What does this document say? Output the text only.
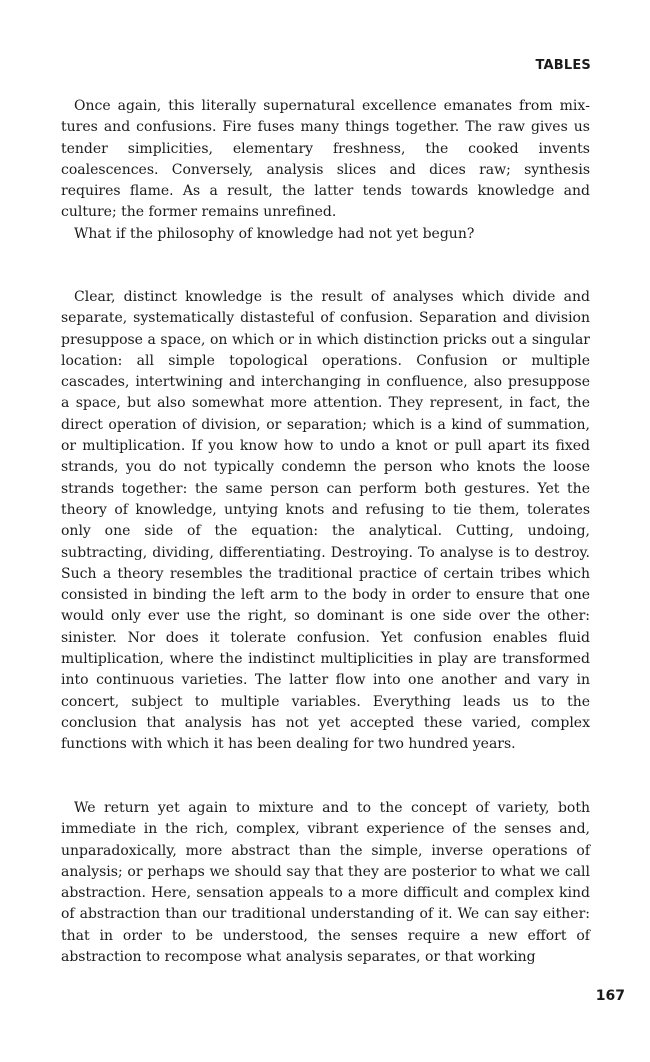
TABLES

Once again, this literally supernatural excellence emanates from mixtures and confusions. Fire fuses many things together. The raw gives us tender simplicities, elementary freshness, the cooked invents coalescences. Conversely, analysis slices and dices raw; synthesis requires flame. As a result, the latter tends towards knowledge and culture; the former remains unrefined.

What if the philosophy of knowledge had not yet begun?

Clear, distinct knowledge is the result of analyses which divide and separate, systematically distasteful of confusion. Separation and division presuppose a space, on which or in which distinction pricks out a singular location: all simple topological operations. Confusion or multiple cascades, intertwining and interchanging in confluence, also presuppose a space, but also somewhat more attention. They represent, in fact, the direct operation of division, or separation; which is a kind of summation, or multiplication. If you know how to undo a knot or pull apart its fixed strands, you do not typically condemn the person who knots the loose strands together: the same person can perform both gestures. Yet the theory of knowledge, untying knots and refusing to tie them, tolerates only one side of the equation: the analytical. Cutting, undoing, subtracting, dividing, differentiating. Destroying. To analyse is to destroy. Such a theory resembles the traditional practice of certain tribes which consisted in binding the left arm to the body in order to ensure that one would only ever use the right, so dominant is one side over the other: sinister. Nor does it tolerate confusion. Yet confusion enables fluid multiplication, where the indistinct multiplicities in play are transformed into continuous varieties. The latter flow into one another and vary in concert, subject to multiple variables. Everything leads us to the conclusion that analysis has not yet accepted these varied, complex functions with which it has been dealing for two hundred years.

We return yet again to mixture and to the concept of variety, both immediate in the rich, complex, vibrant experience of the senses and, unparadoxically, more abstract than the simple, inverse operations of analysis; or perhaps we should say that they are posterior to what we call abstraction. Here, sensation appeals to a more difficult and complex kind of abstraction than our traditional understanding of it. We can say either: that in order to be understood, the senses require a new effort of abstraction to recompose what analysis separates, or that working

167
